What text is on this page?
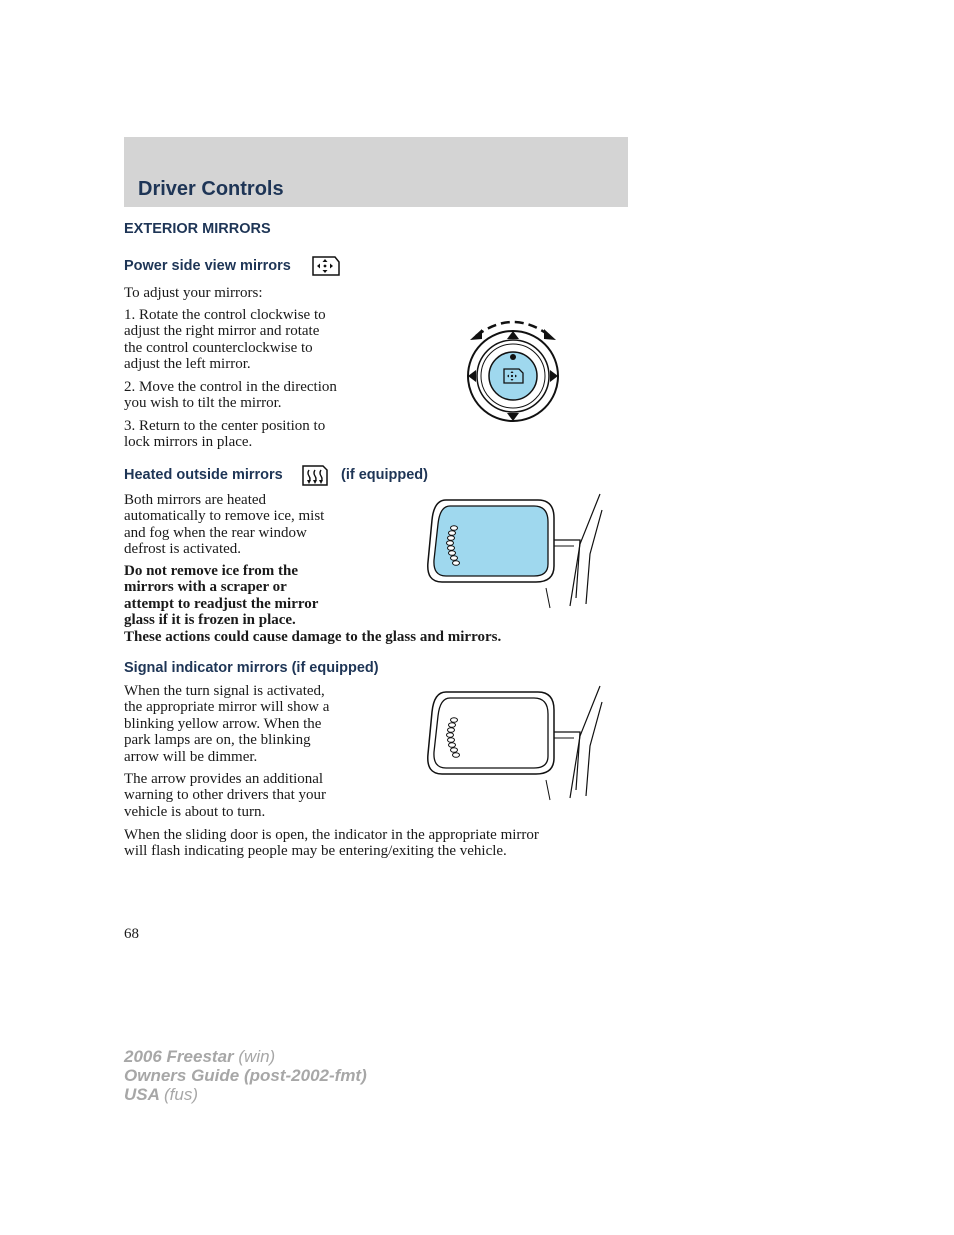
Driver Controls
EXTERIOR MIRRORS
Power side view mirrors

To adjust your mirrors:

1. Rotate the control clockwise to

adjust the right mirror and rotate

the control counterclockwise to

adjust the left mirror.

2. Move the control in the direction

you wish to tilt the mirror.

3. Return to the center position to

lock mirrors in place.

Heated outside mirrors	(if equipped)

Both mirrors are heated

automatically to remove ice, mist

and fog when the rear window

defrost is activated.

Do not remove ice from the

mirrors with a scraper or

attempt to readjust the mirror

glass if it is frozen in place.

These actions could cause damage to the glass and mirrors.

Signal indicator mirrors (if equipped)

When the turn signal is activated,

the appropriate mirror will show a

blinking yellow arrow. When the

park lamps are on, the blinking

arrow will be dimmer.

The arrow provides an additional

warning to other drivers that your

vehicle is about to turn.

When the sliding door is open, the indicator in the appropriate mirror

will flash indicating people may be entering/exiting the vehicle.

68

2006 Freestar (win)
Owners Guide (post-2002-fmt)
USA (fus)
